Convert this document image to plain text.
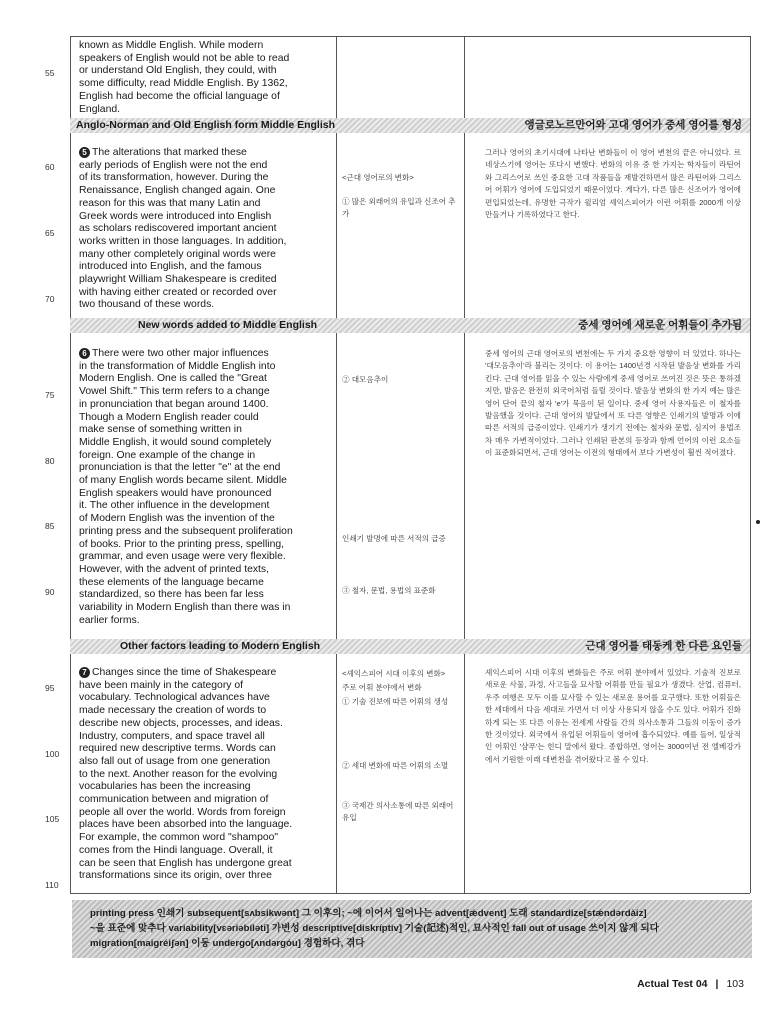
known as Middle English. While modern

speakers of English would not be able to read

or understand Old English, they could, with

some difficulty, read Middle English. By 1362,

English had become the official language of

England.

55
Anglo-Norman and Old English form Middle English	앵글로노르만어와 고대 영어가 중세 영어를 형성

5 The alterations that marked these

early periods of English were not the end

of its transformation, however. During the

Renaissance, English changed again. One

reason for this was that many Latin and

Greek words were introduced into English

as scholars rediscovered important ancient

works written in those languages. In addition,

many other completely original words were

introduced into English, and the famous

playwright William Shakespeare is credited

with having either created or recorded over

two thousand of these words.

60
65
70

<근대 영어로의 변화>

① 많은 외래어의 유입과 신조어 추가

그러나 영어의 초기시대에 나타난 변화들이 이 영어 변천의 끝은 아니었다. 르네상스기에 영어는 또다시 변했다. 변화의 이유 중 한 가지는 학자들이 라틴어와 그리스어로 쓰인 중요한 고대 작품들을 재발견하면서 많은 라틴어와 그리스어 어휘가 영어에 도입되었기 때문이었다. 게다가, 다른 많은 신조어가 영어에 편입되었는데, 유명한 극작가 윌리엄 셰익스피어가 이런 어휘를 2000개 이상 만들거나 기록하였다고 한다.

New words added to Middle English	중세 영어에 새로운 어휘들이 추가됨

6 There were two other major influences

in the transformation of Middle English into

Modern English. One is called the "Great

Vowel Shift." This term refers to a change

in pronunciation that began around 1400.

Though a Modern English reader could

make sense of something written in

Middle English, it would sound completely

foreign. One example of the change in

pronunciation is that the letter "e" at the end

of many English words became silent. Middle

English speakers would have pronounced

it. The other influence in the development

of Modern English was the invention of the

printing press and the subsequent proliferation

of books. Prior to the printing press, spelling,

grammar, and even usage were very flexible.

However, with the advent of printed texts,

these elements of the language became

standardized, so there has been far less

variability in Modern English than there was in

earlier forms.

75
80
85
90

② 대모음추이

인쇄기 발명에 따른 서적의 급증

③ 철자, 문법, 용법의 표준화

중세 영어의 근대 영어로의 변천에는 두 가지 중요한 영향이 더 있었다. 하나는 '대모음추이'라 불리는 것이다. 이 용어는 1400년경 시작된 발음상 변화를 가리킨다. 근대 영어를 읽을 수 있는 사람에게 중세 영어로 쓰여진 것은 뜻은 통하겠지만, 발음은 완전히 외국어처럼 들릴 것이다. 발음상 변화의 한 가지 예는 많은 영어 단어 끝의 철자 'e'가 묵음이 된 일이다. 중세 영어 사용자들은 이 철자를 발음했을 것이다. 근대 영어의 발달에서 또 다른 영향은 인쇄기의 발명과 이에 따른 서적의 급증이었다. 인쇄기가 생기기 전에는 철자와 문법, 심지어 용법조차 매우 가변적이었다. 그러나 인쇄된 판본의 등장과 함께 언어의 이런 요소들이 표준화되면서, 근대 영어는 이전의 형태에서 보다 가변성이 훨씬 적어졌다.

Other factors leading to Modern English	근대 영어를 태동케 한 다른 요인들

7 Changes since the time of Shakespeare

have been mainly in the category of

vocabulary. Technological advances have

made necessary the creation of words to

describe new objects, processes, and ideas.

Industry, computers, and space travel all

required new descriptive terms. Words can

also fall out of usage from one generation

to the next. Another reason for the evolving

vocabularies has been the increasing

communication between and migration of

people all over the world. Words from foreign

places have been absorbed into the language.

For example, the common word "shampoo"

comes from the Hindi language. Overall, it

can be seen that English has undergone great

transformations since its origin, over three

95
100
105
110

<셰익스피어 시대 이후의 변화>

주로 어휘 분야에서 변화

① 기술 진보에 따른 어휘의 생성

② 세대 변화에 따른 어휘의 소멸

③ 국제간 의사소통에 따른 외래어 유입

셰익스피어 시대 이후의 변화들은 주로 어휘 분야에서 있었다. 기술적 진보로 새로운 사물, 과정, 사고들을 묘사할 어휘를 만들 필요가 생겼다. 산업, 컴퓨터, 우주 여행은 모두 이를 묘사할 수 있는 새로운 용어를 요구했다. 또한 어휘들은 한 세대에서 다음 세대로 가면서 더 이상 사용되지 않을 수도 있다. 어휘가 진화하게 되는 또 다른 이유는 전세계 사람들 간의 의사소통과 그들의 이동이 증가한 것이었다. 외국에서 유입된 어휘들이 영어에 흡수되었다. 예를 들어, 일상적인 어휘인 '샴푸'는 힌디 말에서 왔다. 종합하면, 영어는 3000여년 전 엘베강가에서 기원한 이래 대변천을 겪어왔다고 볼 수 있다.

printing press 인쇄기 subsequent[sʌbsikwənt] 그 이후의; ~에 이어서 일어나는 advent[ǽdvent] 도래 standardize[stǽndərdàiz]

~을 표준에 맞추다 variability[vɛəriəbíləti] 가변성 descriptive[diskríptiv] 기술(記述)적인, 묘사적인 fall out of usage 쓰이지 않게 되다

migration[maigréiʃən] 이동 undergo[ʌndərgóu] 경험하다, 겪다

Actual Test 04 | 103
